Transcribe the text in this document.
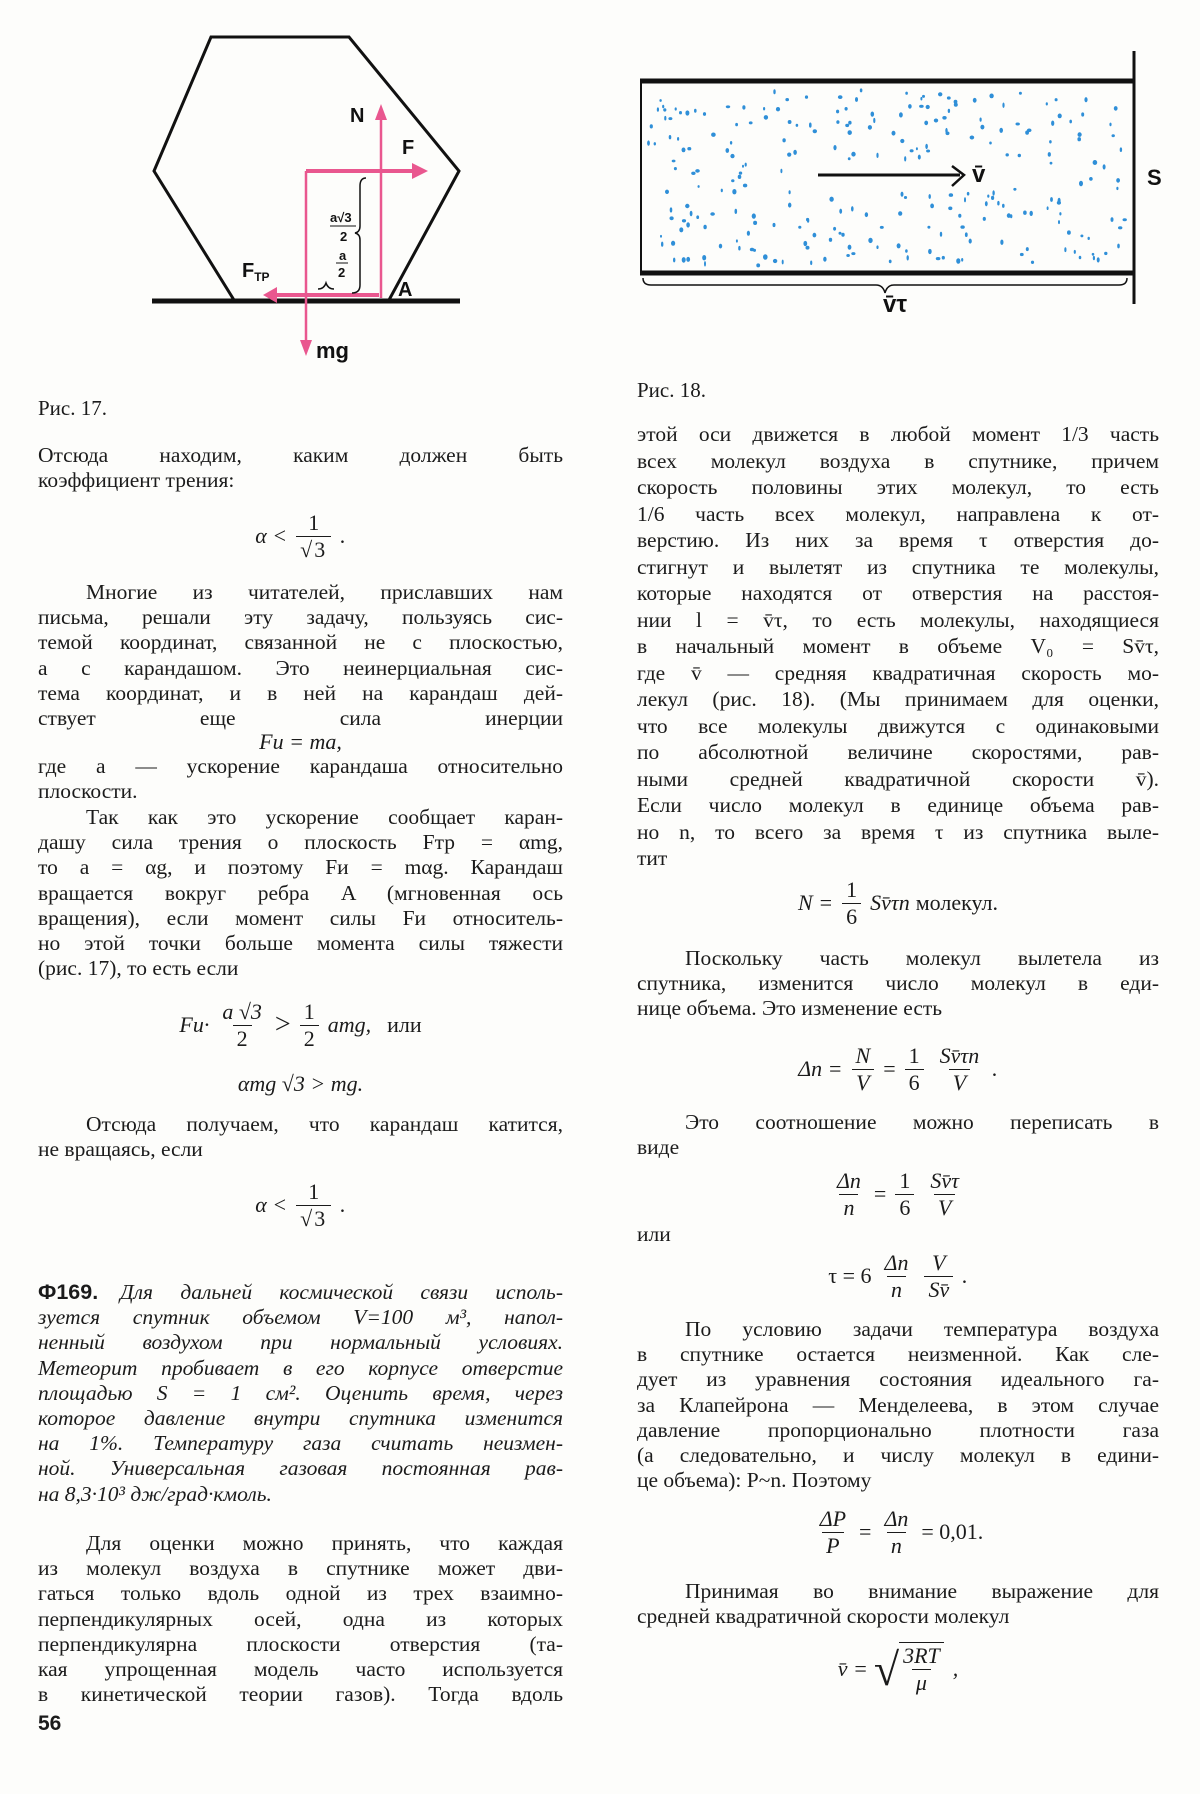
N
F
$F_{ТР}$
A
mg
a√3
2
a
2
Рис. 17.
v̄	S
v̄τ
Рис. 18.
Отсюда находим, каким должен быть
коэффициент трения:
$\alpha < \frac{1}{√3}$ .
Многие из читателей, приславших нам
письма, решали эту задачу, пользуясь сис-
темой координат, связанной не с плоскостью,
а с карандашом. Это неинерциальная сис-
тема координат, и в ней на карандаш дей-
ствует еще сила инерции
Fи = ma,
где a — ускорение карандаша относительно
плоскости.
Так как это ускорение сообщает каран-
дашу сила трения о плоскость Fтр = αmg,
то a = αg, и поэтому Fи = mαg. Карандаш
вращается вокруг ребра A (мгновенная ось
вращения), если момент силы Fи относитель-
но этой точки больше момента силы тяжести
(рис. 17), то есть если
$Fи\cdot \frac{a √3}{2} > \frac{1}{2}$ amg, или
αmg √3 > mg.
Отсюда получаем, что карандаш катится,
не вращаясь, если
$\alpha < \frac{1}{√3}$ .
Для дальней космической связи исполь-
зуется спутник объемом V=100 м³, напол-
ненный воздухом при нормальный условиях.
Метеорит пробивает в его корпусе отверстие
площадью S = 1 см². Оценить время, через
которое давление внутри спутника изменится
на 1%. Температуру газа считать неизмен-
ной. Универсальная газовая постоянная рав-
на 8,3·10³ дж/град·кмоль.
Ф169.
Для оценки можно принять, что каждая
из молекул воздуха в спутнике может дви-
гаться только вдоль одной из трех взаимно-
перпендикулярных осей, одна из которых
перпендикулярна плоскости отверстия (та-
кая упрощенная модель часто используется
в кинетической теории газов). Тогда вдоль
56
этой оси движется в любой момент 1/3 часть
всех молекул воздуха в спутнике, причем
скорость половины этих молекул, то есть
1/6 часть всех молекул, направлена к от-
верстию. Из них за время τ отверстия до-
стигнут и вылетят из спутника те молекулы,
которые находятся от отверстия на расстоя-
нии l = v̄τ, то есть молекулы, находящиеся
в начальный момент в объеме V₀ = Sv̄τ,
где v̄ — средняя квадратичная скорость мо-
лекул (рис. 18). (Мы принимаем для оценки,
что все молекулы движутся с одинаковыми
по абсолютной величине скоростями, рав-
ными средней квадратичной скорости v̄).
Если число молекул в единице объема рав-
но n, то всего за время τ из спутника выле-
тит
$N = \frac{1}{6}$ Sv̄τn молекул.
Поскольку часть молекул вылетела из
спутника, изменится число молекул в еди-
нице объема. Это изменение есть
$\Delta n = \frac{N}{V} = \frac{1}{6} \frac{Sv̄\tau n}{V}$ .
Это соотношение можно переписать в
виде
$\frac{\Delta n}{n} = \frac{1}{6} \frac{Sv̄\tau}{V}$
или
$\tau = 6 \frac{\Delta n}{n} \frac{V}{Sv̄}$ .
По условию задачи температура воздуха
в спутнике остается неизменной. Как сле-
дует из уравнения состояния идеального га-
за Клапейрона — Менделеева, в этом случае
давление пропорционально плотности газа
(а следовательно, и числу молекул в едини-
це объема): P~n. Поэтому
$\frac{\Delta P}{P} = \frac{\Delta n}{n} = 0,01$.
Принимая во внимание выражение для
средней квадратичной скорости молекул
v̄ = √ $\frac{3RT}{\mu}$ ,
